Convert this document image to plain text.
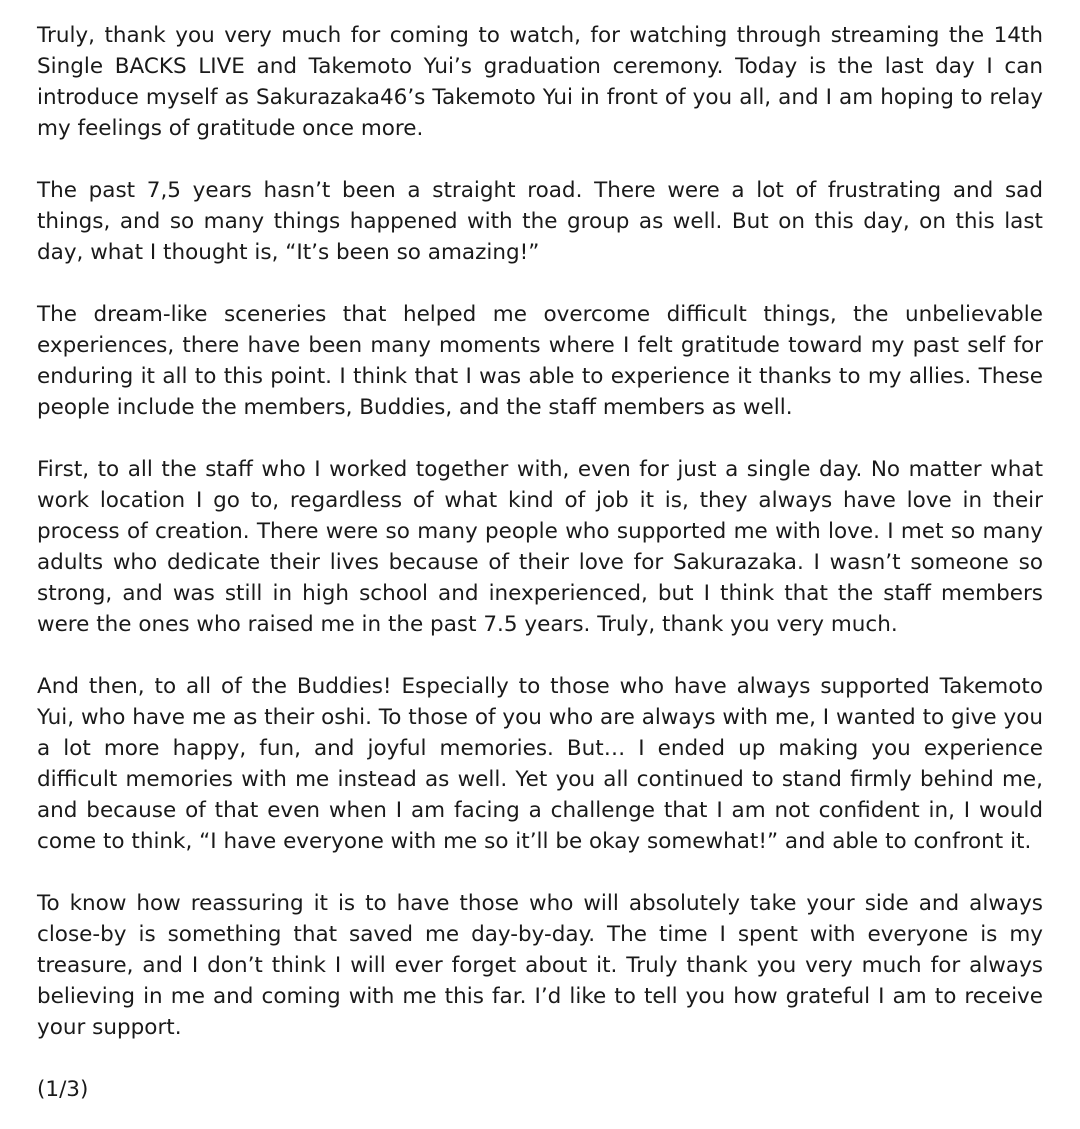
Truly, thank you very much for coming to watch, for watching through streaming the 14th Single BACKS LIVE and Takemoto Yui’s graduation ceremony. Today is the last day I can introduce myself as Sakurazaka46’s Takemoto Yui in front of you all, and I am hoping to relay my feelings of gratitude once more.

The past 7,5 years hasn’t been a straight road. There were a lot of frustrating and sad things, and so many things happened with the group as well. But on this day, on this last day, what I thought is, “It’s been so amazing!”

The dream-like sceneries that helped me overcome difficult things, the unbelievable experiences, there have been many moments where I felt gratitude toward my past self for enduring it all to this point. I think that I was able to experience it thanks to my allies. These people include the members, Buddies, and the staff members as well.

First, to all the staff who I worked together with, even for just a single day. No matter what work location I go to, regardless of what kind of job it is, they always have love in their process of creation. There were so many people who supported me with love. I met so many adults who dedicate their lives because of their love for Sakurazaka. I wasn’t someone so strong, and was still in high school and inexperienced, but I think that the staff members were the ones who raised me in the past 7.5 years. Truly, thank you very much.

And then, to all of the Buddies! Especially to those who have always supported Takemoto Yui, who have me as their oshi. To those of you who are always with me, I wanted to give you a lot more happy, fun, and joyful memories. But… I ended up making you experience difficult memories with me instead as well. Yet you all continued to stand firmly behind me, and because of that even when I am facing a challenge that I am not confident in, I would come to think, “I have everyone with me so it’ll be okay somewhat!” and able to confront it.

To know how reassuring it is to have those who will absolutely take your side and always close-by is something that saved me day-by-day. The time I spent with everyone is my treasure, and I don’t think I will ever forget about it. Truly thank you very much for always believing in me and coming with me this far. I’d like to tell you how grateful I am to receive your support.

(1/3)
